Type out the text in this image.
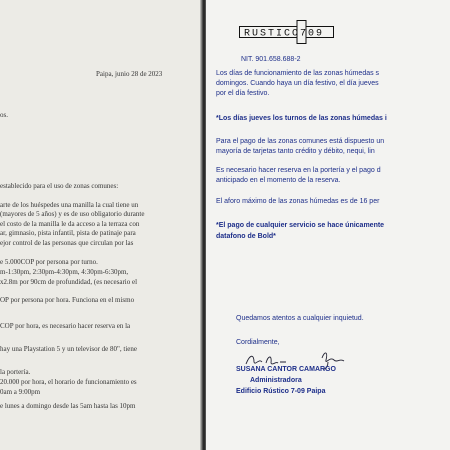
Paipa, junio 28 de 2023
os.
establecido para el uso de zonas comunes:
arte de los huéspedes una manilla la cual tiene un
(mayores de 5 años) y es de uso obligatorio durante
el costo de la manilla le da acceso a la terraza con
ar, gimnasio, pista infantil, pista de patinaje para
ejor control de las personas que circulan por las
e 5.000COP por persona por turno.
m-1:30pm, 2:30pm-4:30pm, 4:30pm-6:30pm,
x2.8m por 90cm de profundidad, (es necesario el
OP por persona por hora. Funciona en el mismo
COP por hora, es necesario hacer reserva en la
hay una Playstation 5 y un televisor de 80", tiene
la portería.
20.000 por hora, el horario de funcionamiento es
0am a 9:00pm
e lunes a domingo desde las 5am hasta las 10pm
RUSTICO709
NIT. 901.658.688-2
Los días de funcionamiento de las zonas húmedas s
domingos. Cuando haya un día festivo, el día jueves
por el día festivo.
*Los días jueves los turnos de las zonas húmedas i
Para el pago de las zonas comunes está dispuesto un
mayoría de tarjetas tanto crédito y débito, nequi, lin
Es necesario hacer reserva en la portería y el pago d
anticipado en el momento de la reserva.
El aforo máximo de las zonas húmedas es de 16 per
*El pago de cualquier servicio se hace únicamente
datafono de Bold*
Quedamos atentos a cualquier inquietud.
Cordialmente,
SUSANA CANTOR CAMARGO
Administradora
Edificio Rústico 7-09 Paipa
